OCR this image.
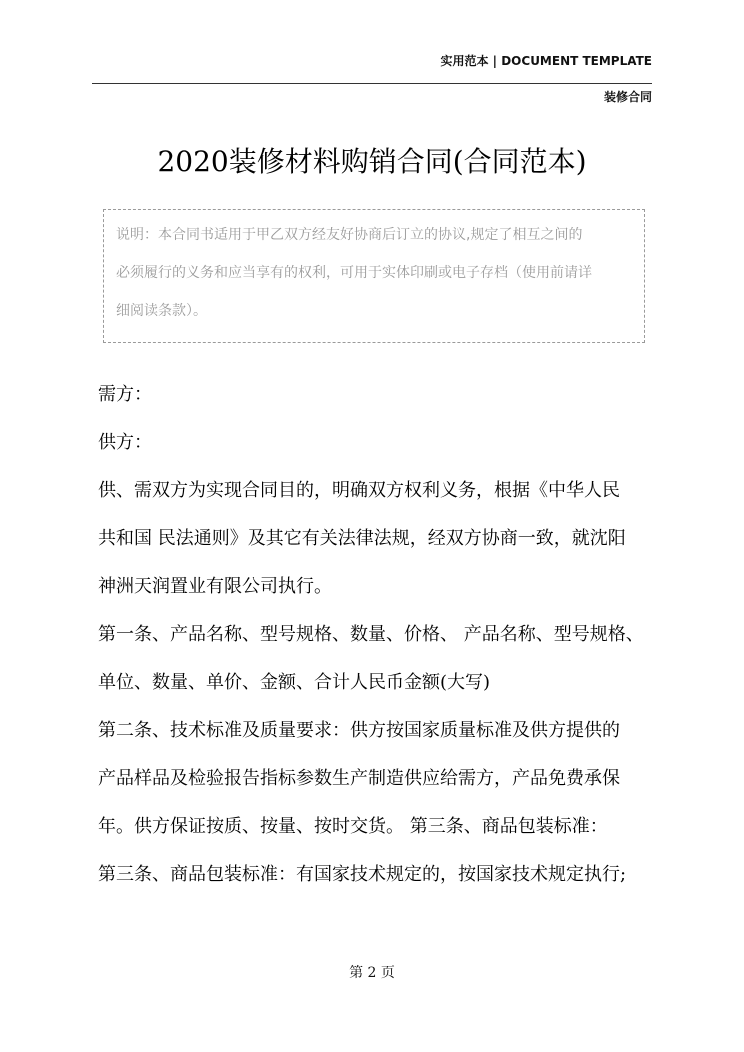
实用范本 | DOCUMENT TEMPLATE
装修合同
2020装修材料购销合同(合同范本)
说明：本合同书适用于甲乙双方经友好协商后订立的协议,规定了相互之间的
必须履行的义务和应当享有的权利，可用于实体印刷或电子存档（使用前请详
细阅读条款）。
需方：
供方：
供、需双方为实现合同目的，明确双方权利义务，根据《中华人民
共和国 民法通则》及其它有关法律法规，经双方协商一致，就沈阳
神洲天润置业有限公司执行。
第一条、产品名称、型号规格、数量、价格、 产品名称、型号规格、
单位、数量、单价、金额、合计人民币金额(大写)
第二条、技术标准及质量要求：供方按国家质量标准及供方提供的
产品样品及检验报告指标参数生产制造供应给需方，产品免费承保
年。供方保证按质、按量、按时交货。 第三条、商品包装标准：
第三条、商品包装标准：有国家技术规定的，按国家技术规定执行;
第 2 页
